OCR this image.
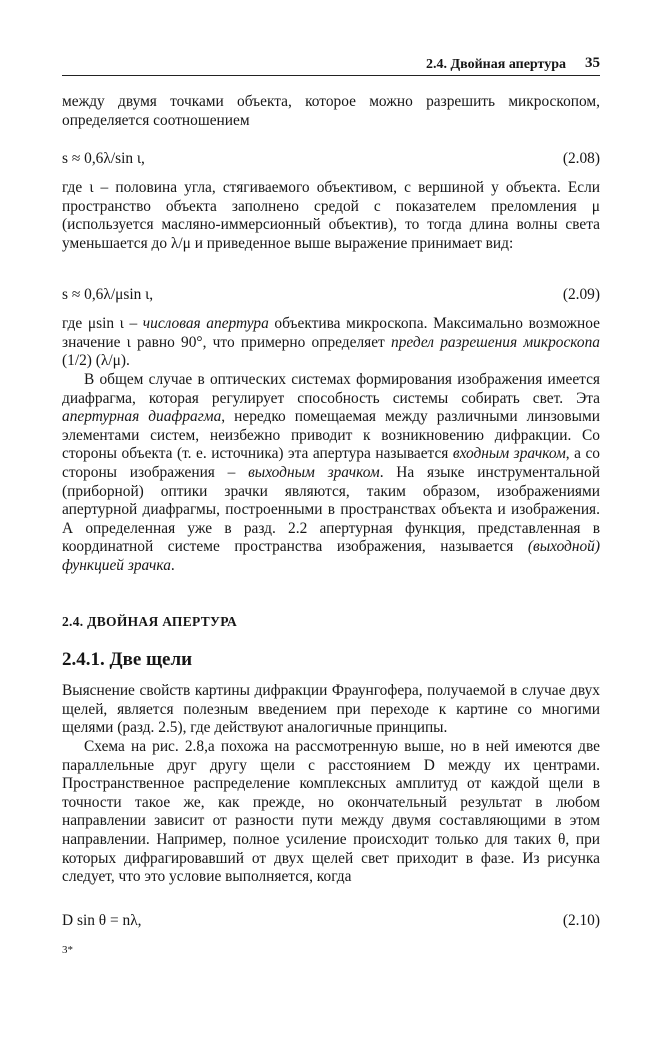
2.4. Двойная апертура 35

между двумя точками объекта, которое можно разрешить микроскопом, определяется соотношением

s ≈ 0,6λ/sin ι,	(2.08)

где ι – половина угла, стягиваемого объективом, с вершиной у объекта. Если пространство объекта заполнено средой с показателем преломления μ (используется масляно-иммерсионный объектив), то тогда длина волны света уменьшается до λ/μ и приведенное выше выражение принимает вид:

s ≈ 0,6λ/μsin ι,	(2.09)

где μsin ι – числовая апертура объектива микроскопа. Максимально возможное значение ι равно 90°, что примерно определяет предел разрешения микроскопа (1/2) (λ/μ).

В общем случае в оптических системах формирования изображения имеется диафрагма, которая регулирует способность системы собирать свет. Эта апертурная диафрагма, нередко помещаемая между различными линзовыми элементами систем, неизбежно приводит к возникновению дифракции. Со стороны объекта (т. е. источника) эта апертура называется входным зрачком, а со стороны изображения – выходным зрачком. На языке инструментальной (приборной) оптики зрачки являются, таким образом, изображениями апертурной диафрагмы, построенными в пространствах объекта и изображения. А определенная уже в разд. 2.2 апертурная функция, представленная в координатной системе пространства изображения, называется (выходной) функцией зрачка.

2.4. ДВОЙНАЯ АПЕРТУРА
2.4.1. Две щели

Выяснение свойств картины дифракции Фраунгофера, получаемой в случае двух щелей, является полезным введением при переходе к картине со многими щелями (разд. 2.5), где действуют аналогичные принципы.

Схема на рис. 2.8,а похожа на рассмотренную выше, но в ней имеются две параллельные друг другу щели с расстоянием D между их центрами. Пространственное распределение комплексных амплитуд от каждой щели в точности такое же, как прежде, но окончательный результат в любом направлении зависит от разности пути между двумя составляющими в этом направлении. Например, полное усиление происходит только для таких θ, при которых дифрагировавший от двух щелей свет приходит в фазе. Из рисунка следует, что это условие выполняется, когда

D sin θ = nλ,	(2.10)
3*
